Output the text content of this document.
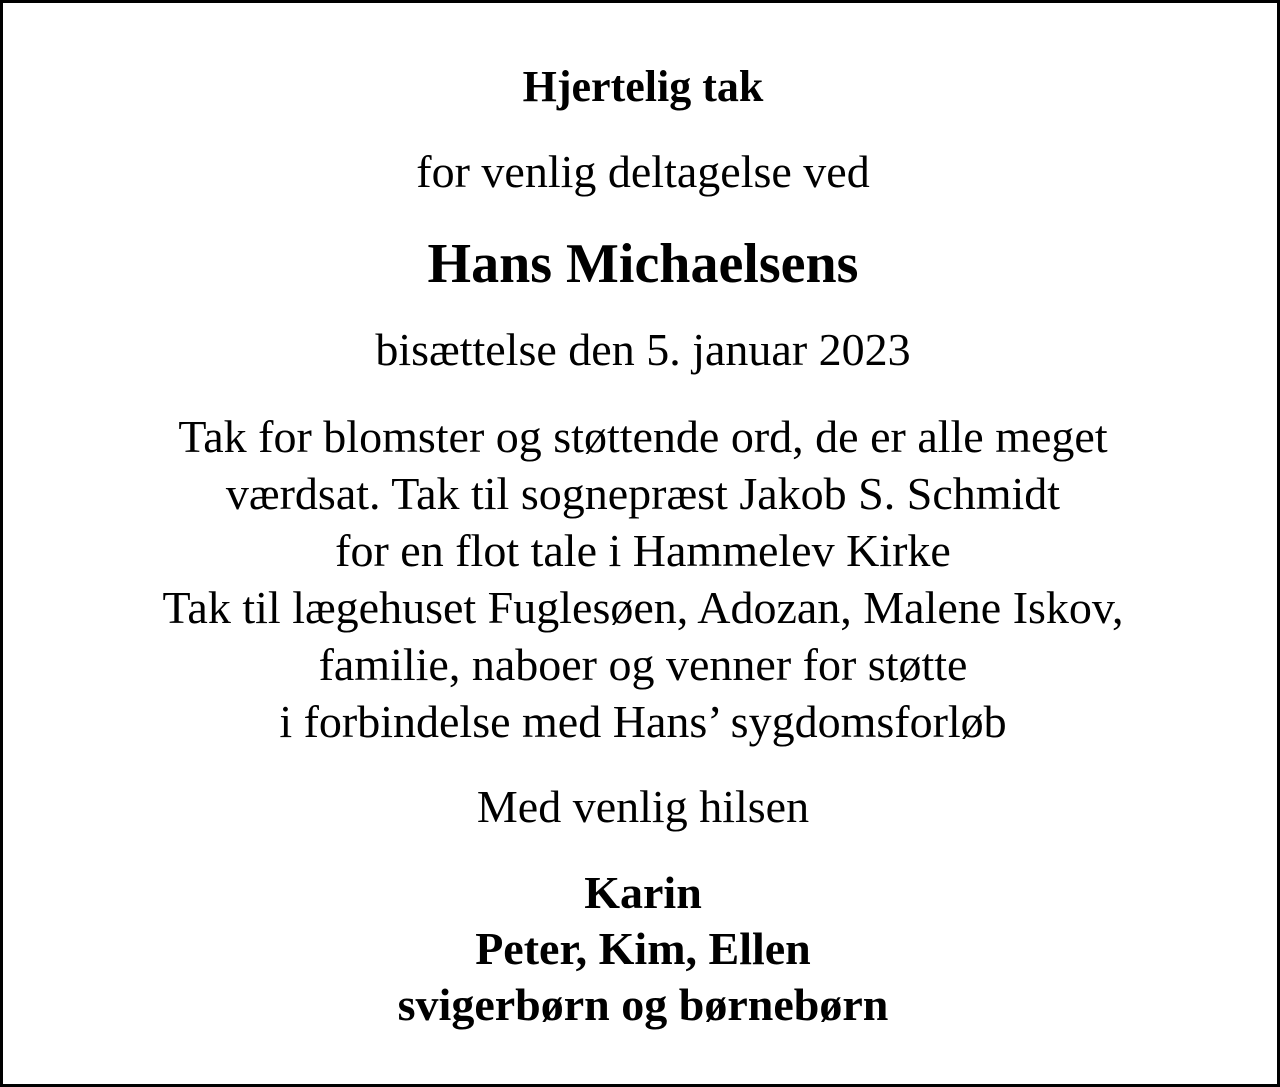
Hjertelig tak
for venlig deltagelse ved
Hans Michaelsens
bisættelse den 5. januar 2023
Tak for blomster og støttende ord, de er alle meget
værdsat. Tak til sognepræst Jakob S. Schmidt
for en flot tale i Hammelev Kirke
Tak til lægehuset Fuglesøen, Adozan, Malene Iskov,
familie, naboer og venner for støtte
i forbindelse med Hans’ sygdomsforløb
Med venlig hilsen
Karin
Peter, Kim, Ellen
svigerbørn og børnebørn
